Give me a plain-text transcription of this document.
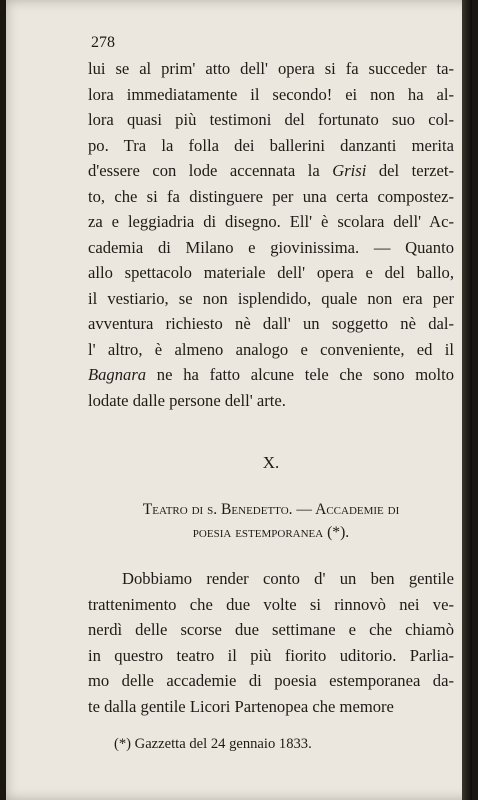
278
lui se al prim' atto dell' opera si fa succeder ta-
lora immediatamente il secondo! ei non ha al-
lora quasi più testimoni del fortunato suo col-
po. Tra la folla dei ballerini danzanti merita
d'essere con lode accennata la Grisi del terzet-
to, che si fa distinguere per una certa compostez-
za e leggiadria di disegno. Ell' è scolara dell' Ac-
cademia di Milano e giovinissima. — Quanto
allo spettacolo materiale dell' opera e del ballo,
il vestiario, se non isplendido, quale non era per
avventura richiesto nè dall' un soggetto nè dal-
l' altro, è almeno analogo e conveniente, ed il
Bagnara ne ha fatto alcune tele che sono molto
lodate dalle persone dell' arte.
X.
Teatro di s. Benedetto. — Accademie di
poesia estemporanea (*).
Dobbiamo render conto d' un ben gentile
trattenimento che due volte si rinnovò nei ve-
nerdì delle scorse due settimane e che chiamò
in questro teatro il più fiorito uditorio. Parlia-
mo delle accademie di poesia estemporanea da-
te dalla gentile Licori Partenopea che memore
(*) Gazzetta del 24 gennaio 1833.
